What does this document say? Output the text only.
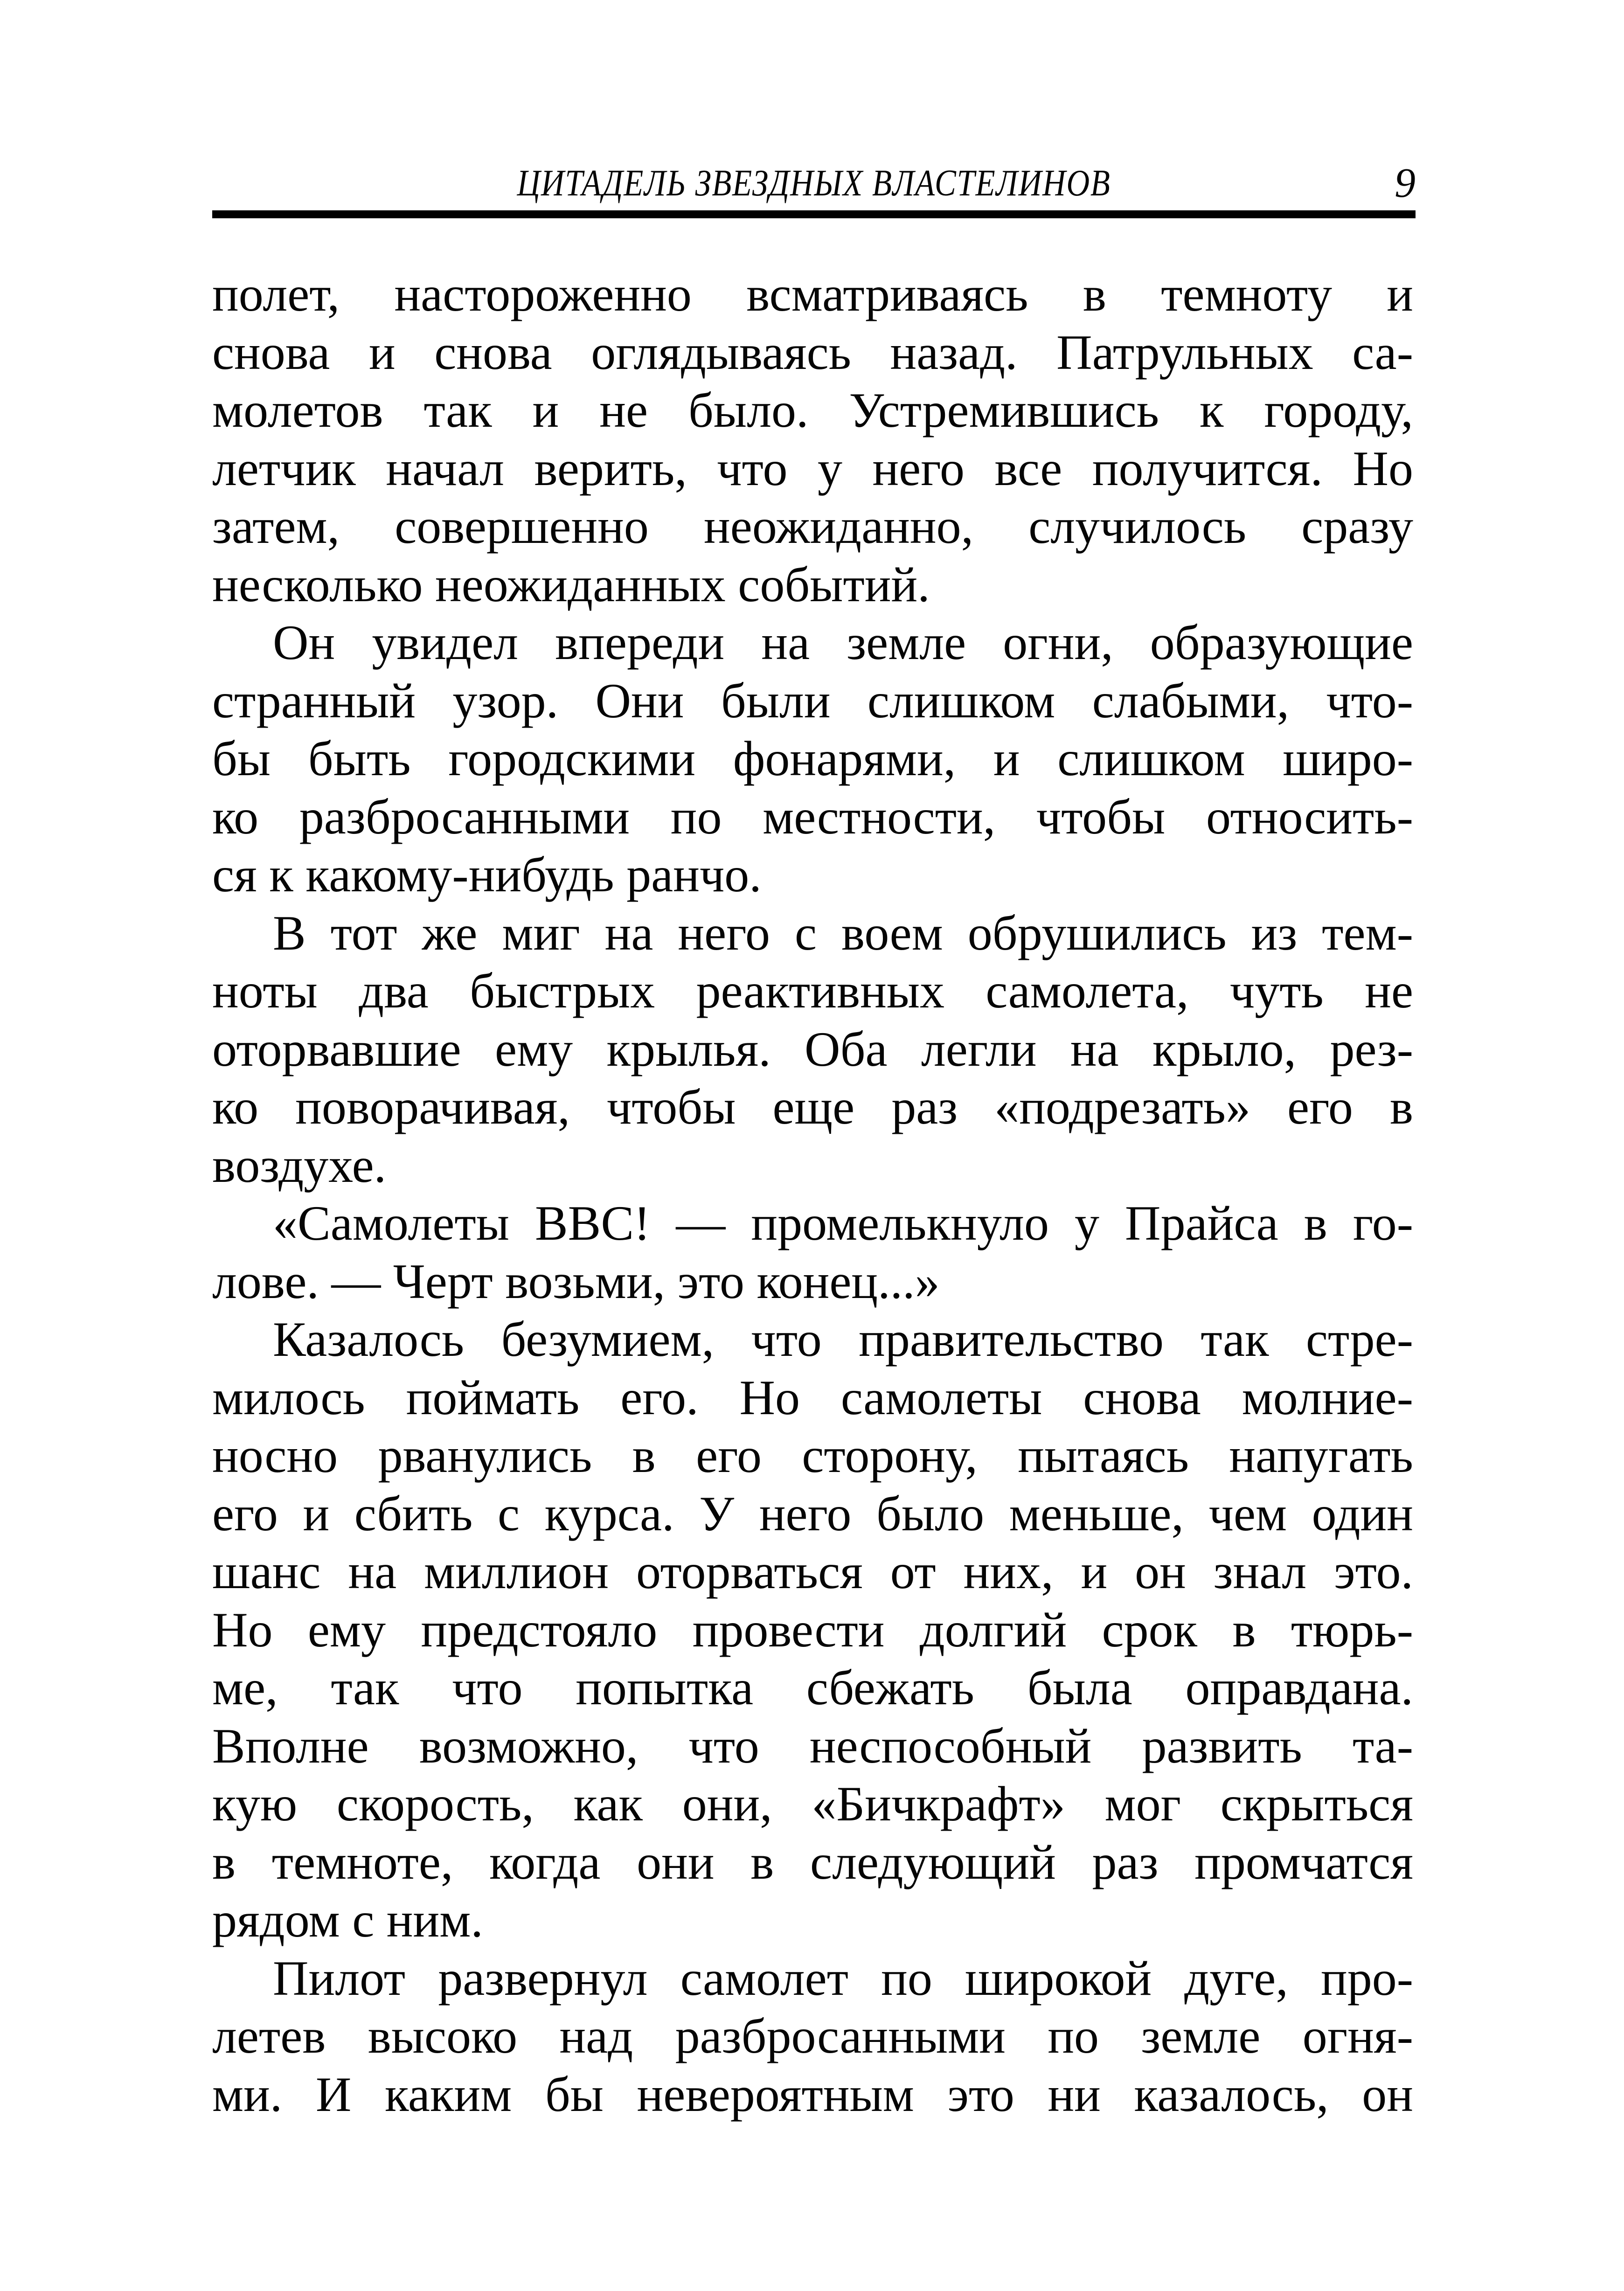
ЦИТАДЕЛЬ ЗВЕЗДНЫХ ВЛАСТЕЛИНОВ	9
полет, настороженно всматриваясь в темноту и
снова и снова оглядываясь назад. Патрульных са-
молетов так и не было. Устремившись к городу,
летчик начал верить, что у него все получится. Но
затем, совершенно неожиданно, случилось сразу
несколько неожиданных событий.
Он увидел впереди на земле огни, образующие
странный узор. Они были слишком слабыми, что-
бы быть городскими фонарями, и слишком широ-
ко разбросанными по местности, чтобы относить-
ся к какому-нибудь ранчо.
В тот же миг на него с воем обрушились из тем-
ноты два быстрых реактивных самолета, чуть не
оторвавшие ему крылья. Оба легли на крыло, рез-
ко поворачивая, чтобы еще раз «подрезать» его в
воздухе.
«Самолеты ВВС! — промелькнуло у Прайса в го-
лове. — Черт возьми, это конец...»
Казалось безумием, что правительство так стре-
милось поймать его. Но самолеты снова молние-
носно рванулись в его сторону, пытаясь напугать
его и сбить с курса. У него было меньше, чем один
шанс на миллион оторваться от них, и он знал это.
Но ему предстояло провести долгий срок в тюрь-
ме, так что попытка сбежать была оправдана.
Вполне возможно, что неспособный развить та-
кую скорость, как они, «Бичкрафт» мог скрыться
в темноте, когда они в следующий раз промчатся
рядом с ним.
Пилот развернул самолет по широкой дуге, про-
летев высоко над разбросанными по земле огня-
ми. И каким бы невероятным это ни казалось, он
